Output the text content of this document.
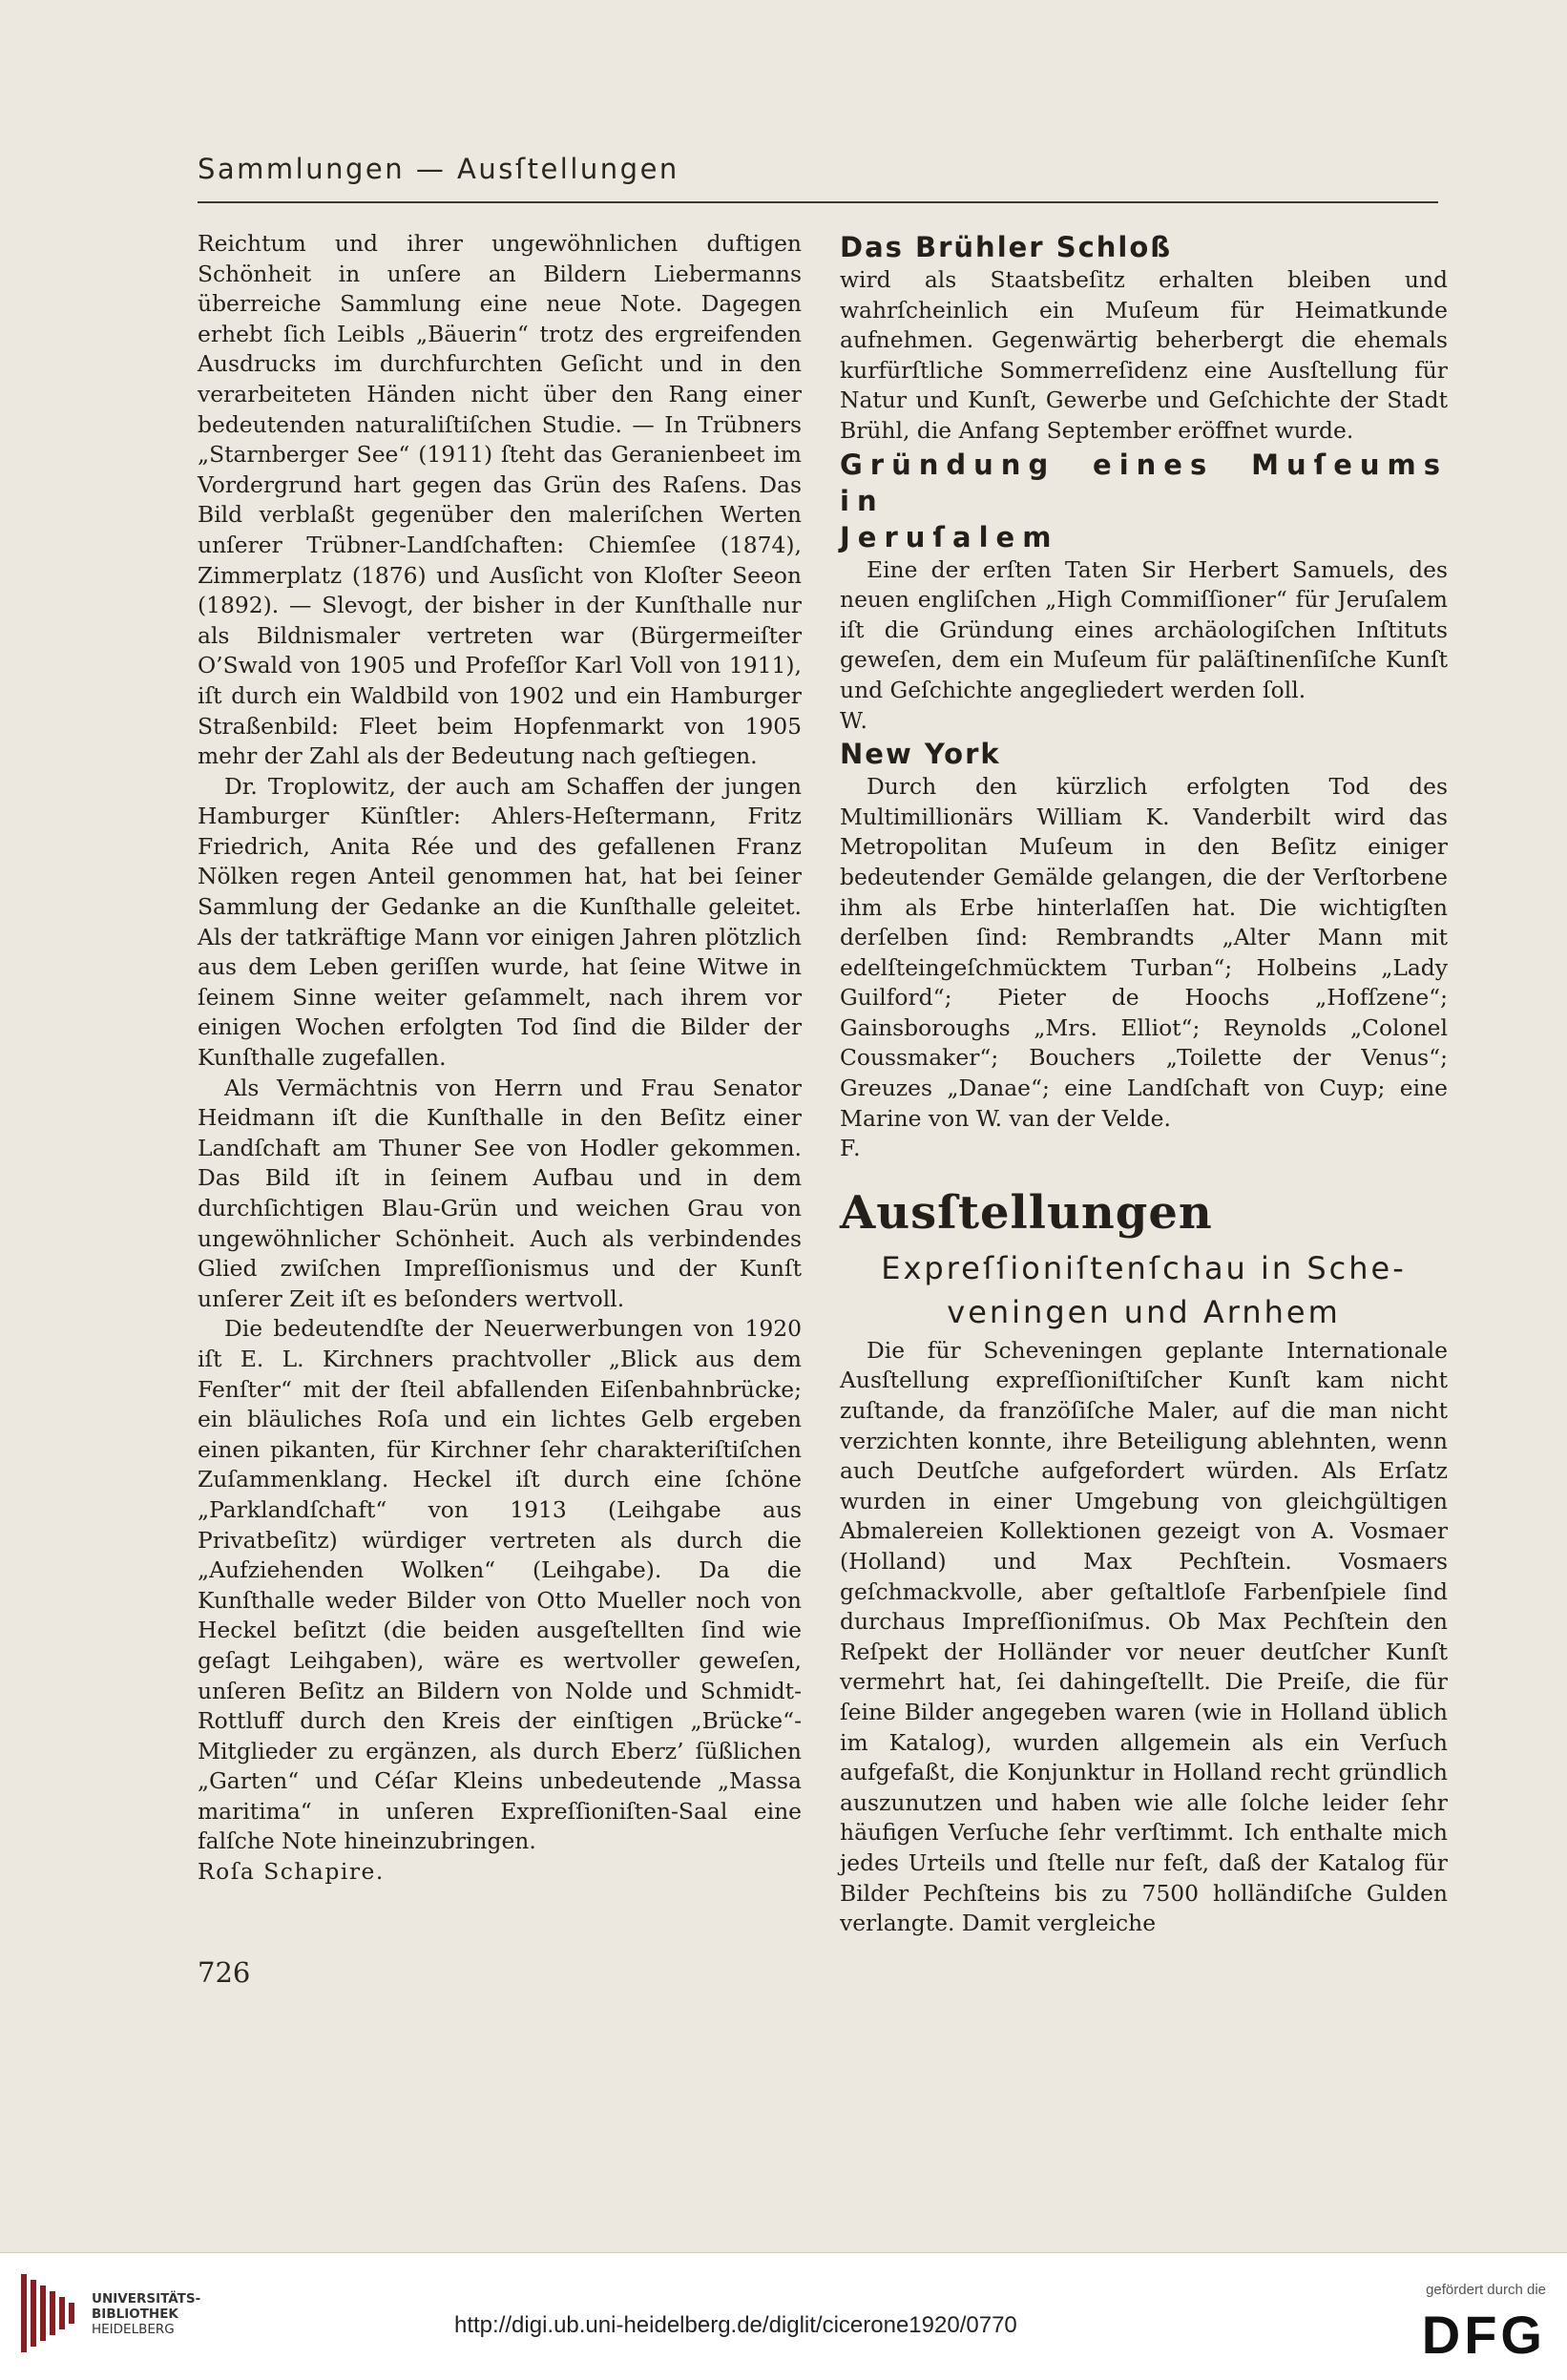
Sammlungen — Ausſtellungen

Reichtum und ihrer ungewöhnlichen duftigen Schönheit in unſere an Bildern Liebermanns überreiche Sammlung eine neue Note. Dagegen erhebt ſich Leibls „Bäuerin“ trotz des ergreifenden Ausdrucks im durchfurchten Geſicht und in den verarbeiteten Händen nicht über den Rang einer bedeutenden naturaliſtiſchen Studie. — In Trübners „Starnberger See“ (1911) ſteht das Geranienbeet im Vordergrund hart gegen das Grün des Raſens. Das Bild verblaßt gegenüber den maleriſchen Werten unſerer Trübner-Landſchaften: Chiemſee (1874), Zimmerplatz (1876) und Ausſicht von Kloſter Seeon (1892). — Slevogt, der bisher in der Kunſthalle nur als Bildnismaler vertreten war (Bürgermeiſter O’Swald von 1905 und Profeſſor Karl Voll von 1911), iſt durch ein Waldbild von 1902 und ein Hamburger Straßenbild: Fleet beim Hopfenmarkt von 1905 mehr der Zahl als der Bedeutung nach geſtiegen.

Dr. Troplowitz, der auch am Schaffen der jungen Hamburger Künſtler: Ahlers-Heſtermann, Fritz Friedrich, Anita Rée und des gefallenen Franz Nölken regen Anteil genommen hat, hat bei ſeiner Sammlung der Gedanke an die Kunſthalle geleitet. Als der tatkräftige Mann vor einigen Jahren plötzlich aus dem Leben geriſſen wurde, hat ſeine Witwe in ſeinem Sinne weiter geſammelt, nach ihrem vor einigen Wochen erfolgten Tod ſind die Bilder der Kunſthalle zugefallen.

Als Vermächtnis von Herrn und Frau Senator Heidmann iſt die Kunſthalle in den Beſitz einer Landſchaft am Thuner See von Hodler gekommen. Das Bild iſt in ſeinem Aufbau und in dem durchſichtigen Blau-Grün und weichen Grau von ungewöhnlicher Schönheit. Auch als verbindendes Glied zwiſchen Impreſſionismus und der Kunſt unſerer Zeit iſt es beſonders wertvoll.

Die bedeutendſte der Neuerwerbungen von 1920 iſt E. L. Kirchners prachtvoller „Blick aus dem Fenſter“ mit der ſteil abfallenden Eiſenbahnbrücke; ein bläuliches Roſa und ein lichtes Gelb ergeben einen pikanten, für Kirchner ſehr charakteriſtiſchen Zuſammenklang. Heckel iſt durch eine ſchöne „Parklandſchaft“ von 1913 (Leihgabe aus Privatbeſitz) würdiger vertreten als durch die „Aufziehenden Wolken“ (Leihgabe). Da die Kunſthalle weder Bilder von Otto Mueller noch von Heckel beſitzt (die beiden ausgeſtellten ſind wie geſagt Leihgaben), wäre es wertvoller geweſen, unſeren Beſitz an Bildern von Nolde und Schmidt-Rottluff durch den Kreis der einſtigen „Brücke“-Mitglieder zu ergänzen, als durch Eberz’ ſüßlichen „Garten“ und Céſar Kleins unbedeutende „Massa maritima“ in unſeren Expreſſioniſten-Saal eine falſche Note hineinzubringen.

Roſa Schapire.

Das Brühler Schloß

wird als Staatsbeſitz erhalten bleiben und wahrſcheinlich ein Muſeum für Heimatkunde aufnehmen. Gegenwärtig beherbergt die ehemals kurfürſtliche Sommerreſidenz eine Ausſtellung für Natur und Kunſt, Gewerbe und Geſchichte der Stadt Brühl, die Anfang September eröffnet wurde.

Gründung eines Muſeums in
Jeruſalem

Eine der erſten Taten Sir Herbert Samuels, des neuen engliſchen „High Commiſſioner“ für Jeruſalem iſt die Gründung eines archäologiſchen Inſtituts geweſen, dem ein Muſeum für paläſtinenſiſche Kunſt und Geſchichte angegliedert werden ſoll.

W.

New York

Durch den kürzlich erfolgten Tod des Multimillionärs William K. Vanderbilt wird das Metropolitan Muſeum in den Beſitz einiger bedeutender Gemälde gelangen, die der Verſtorbene ihm als Erbe hinterlaſſen hat. Die wichtigſten derſelben ſind: Rembrandts „Alter Mann mit edelſteingeſchmücktem Turban“; Holbeins „Lady Guilford“; Pieter de Hoochs „Hofſzene“; Gainsboroughs „Mrs. Elliot“; Reynolds „Colonel Coussmaker“; Bouchers „Toilette der Venus“; Greuzes „Danae“; eine Landſchaft von Cuyp; eine Marine von W. van der Velde.

F.

Ausſtellungen
Expreſſioniſtenſchau in Sche-
veningen und Arnhem

Die für Scheveningen geplante Internationale Ausſtellung expreſſioniſtiſcher Kunſt kam nicht zuſtande, da franzöſiſche Maler, auf die man nicht verzichten konnte, ihre Beteiligung ablehnten, wenn auch Deutſche aufgefordert würden. Als Erſatz wurden in einer Umgebung von gleichgültigen Abmalereien Kollektionen gezeigt von A. Vosmaer (Holland) und Max Pechſtein. Vosmaers geſchmackvolle, aber geſtaltloſe Farbenſpiele ſind durchaus Impreſſioniſmus. Ob Max Pechſtein den Reſpekt der Holländer vor neuer deutſcher Kunſt vermehrt hat, ſei dahingeſtellt. Die Preiſe, die für ſeine Bilder angegeben waren (wie in Holland üblich im Katalog), wurden allgemein als ein Verſuch aufgefaßt, die Konjunktur in Holland recht gründlich auszunutzen und haben wie alle ſolche leider ſehr häufigen Verſuche ſehr verſtimmt. Ich enthalte mich jedes Urteils und ſtelle nur feſt, daß der Katalog für Bilder Pechſteins bis zu 7500 holländiſche Gulden verlangte. Damit vergleiche

726
UNIVERSITÄTS-
BIBLIOTHEK
HEIDELBERG	http://digi.ub.uni-heidelberg.de/diglit/cicerone1920/0770
gefördert durch die
DFG
